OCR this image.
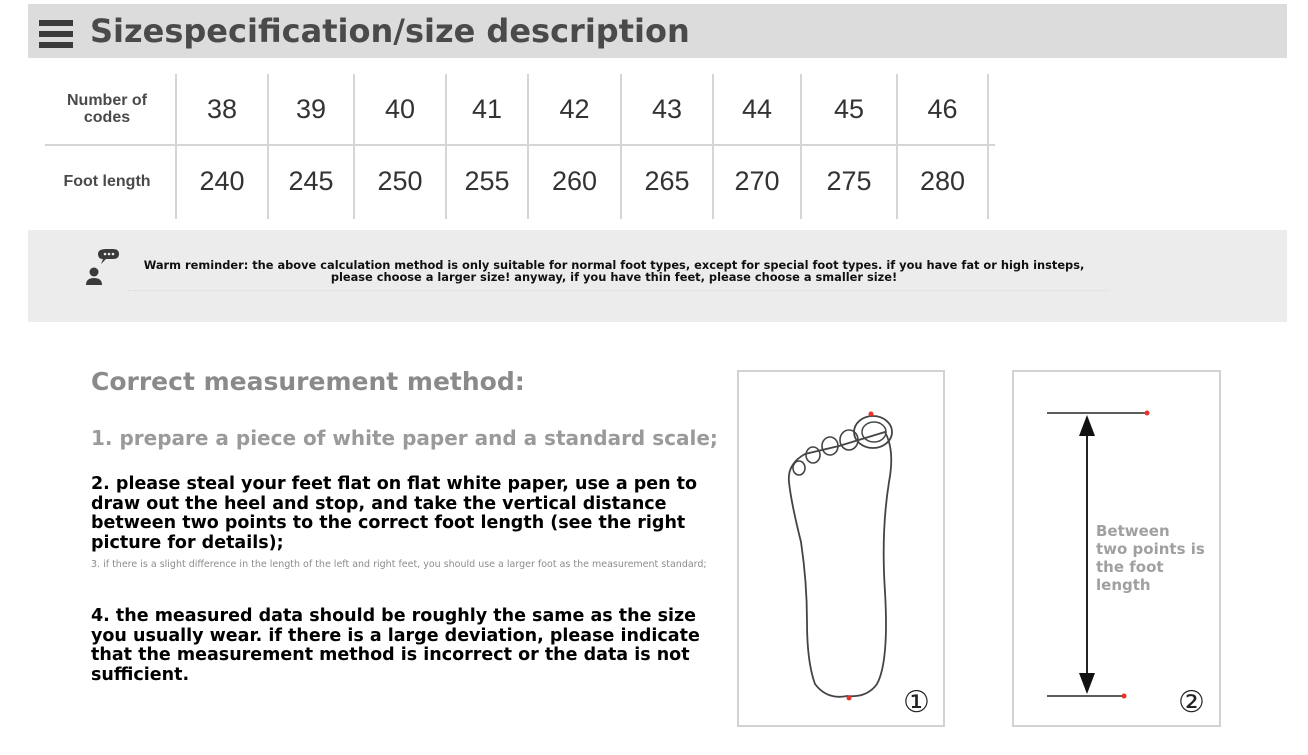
Sizespecification/size description
Number of codes	38	39	40	41	42	43	44	45	46
Foot length	240	245	250	255	260	265	270	275	280
Warm reminder: the above calculation method is only suitable for normal foot types, except for special foot types. if you have fat or high insteps, please choose a larger size! anyway, if you have thin feet, please choose a smaller size!
Correct measurement method:
1. prepare a piece of white paper and a standard scale;
2. please steal your feet flat on flat white paper, use a pen to draw out the heel and stop, and take the vertical distance between two points to the correct foot length (see the right picture for details);
3. if there is a slight difference in the length of the left and right feet, you should use a larger foot as the measurement standard;
4. the measured data should be roughly the same as the size you usually wear. if there is a large deviation, please indicate that the measurement method is incorrect or the data is not sufficient.
①
Between two points is the foot length
②
